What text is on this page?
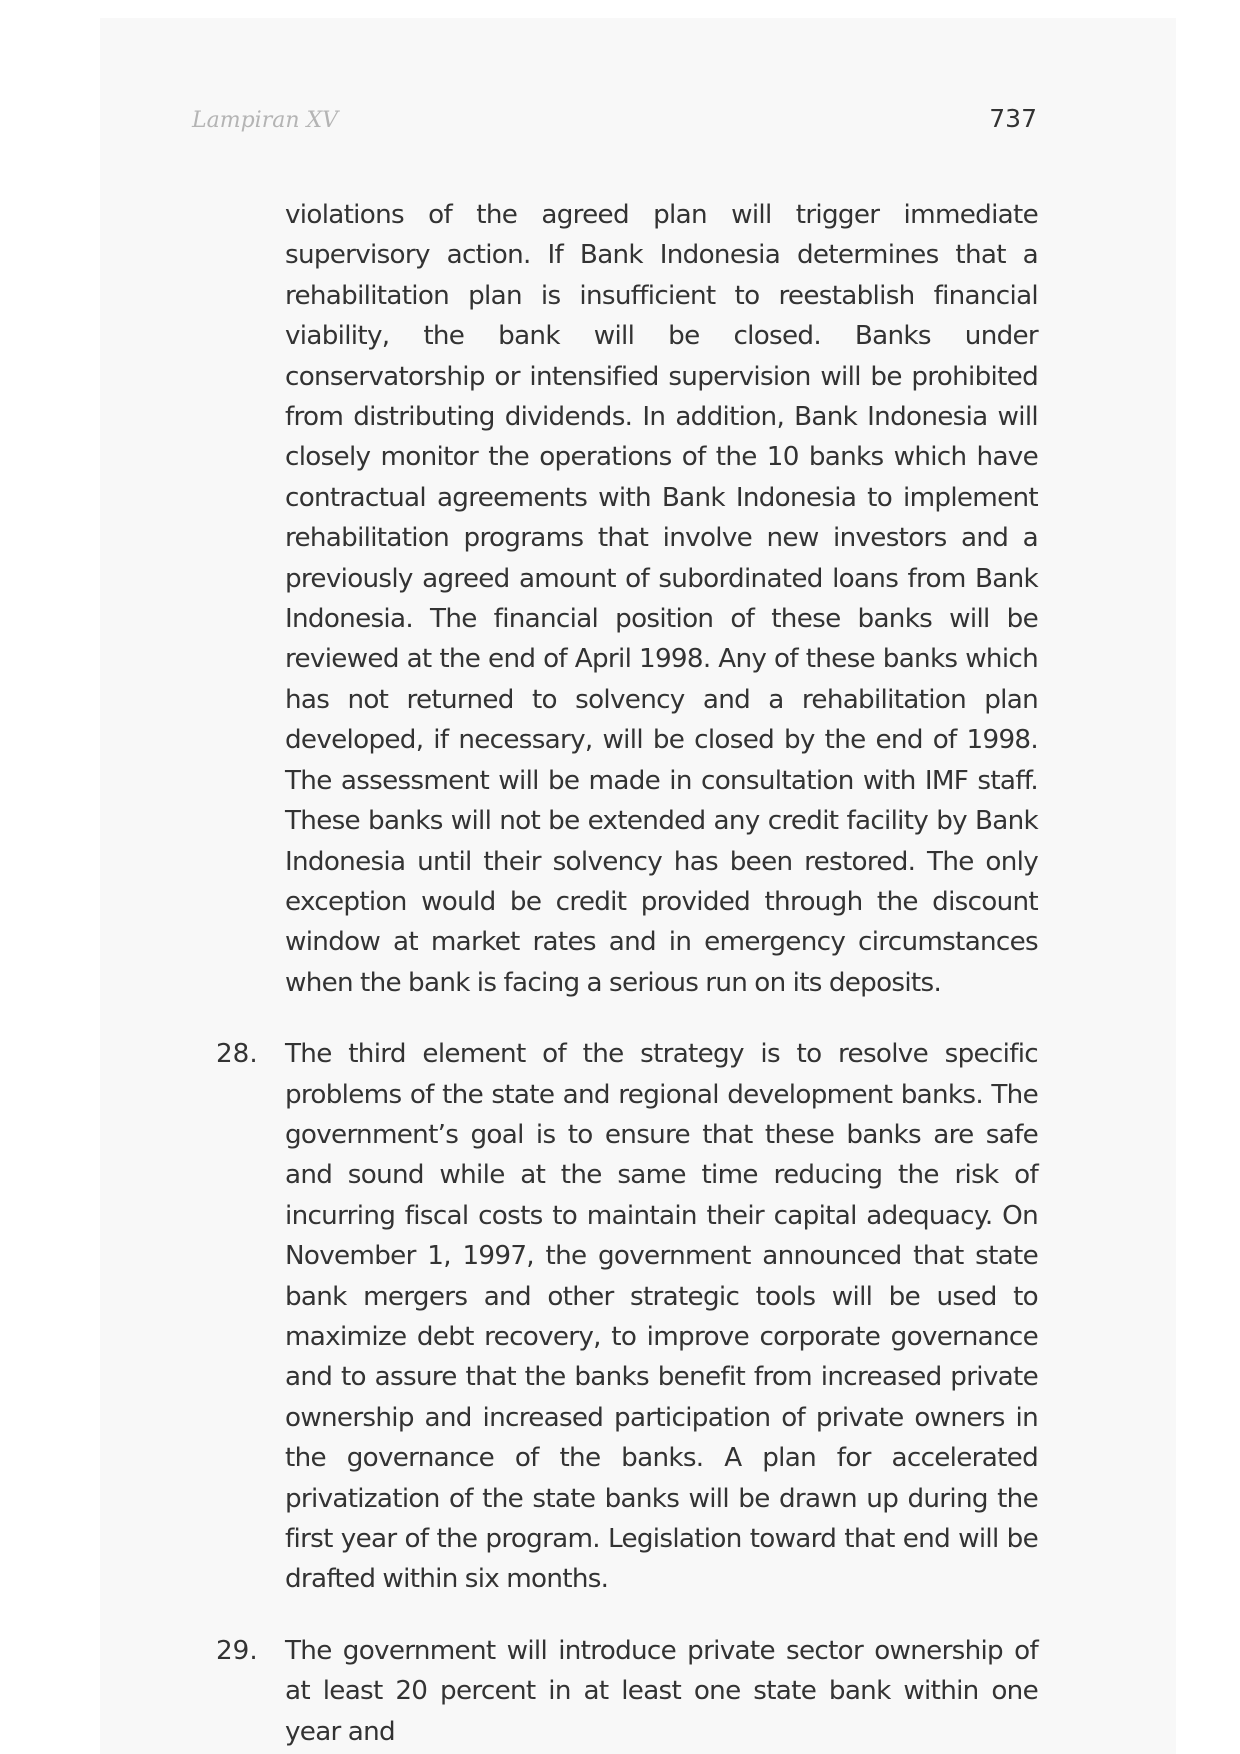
Lampiran XV	737

violations of the agreed plan will trigger immediate supervisory action. If Bank Indonesia determines that a rehabilitation plan is insufficient to reestablish financial viability, the bank will be closed. Banks under conservatorship or intensified supervision will be prohibited from distributing dividends. In addition, Bank Indonesia will closely monitor the operations of the 10 banks which have contractual agreements with Bank Indonesia to implement rehabilitation programs that involve new investors and a previously agreed amount of subordinated loans from Bank Indonesia. The financial position of these banks will be reviewed at the end of April 1998. Any of these banks which has not returned to solvency and a rehabilitation plan developed, if necessary, will be closed by the end of 1998. The assessment will be made in consultation with IMF staff. These banks will not be extended any credit facility by Bank Indonesia until their solvency has been restored. The only exception would be credit provided through the discount window at market rates and in emergency circumstances when the bank is facing a serious run on its deposits.

28. The third element of the strategy is to resolve specific problems of the state and regional development banks. The government’s goal is to ensure that these banks are safe and sound while at the same time reducing the risk of incurring fiscal costs to maintain their capital adequacy. On November 1, 1997, the government announced that state bank mergers and other strategic tools will be used to maximize debt recovery, to improve corporate governance and to assure that the banks benefit from increased private ownership and increased participation of private owners in the governance of the banks. A plan for accelerated privatization of the state banks will be drawn up during the first year of the program. Legislation toward that end will be drafted within six months.

29. The government will introduce private sector ownership of at least 20 percent in at least one state bank within one year and
